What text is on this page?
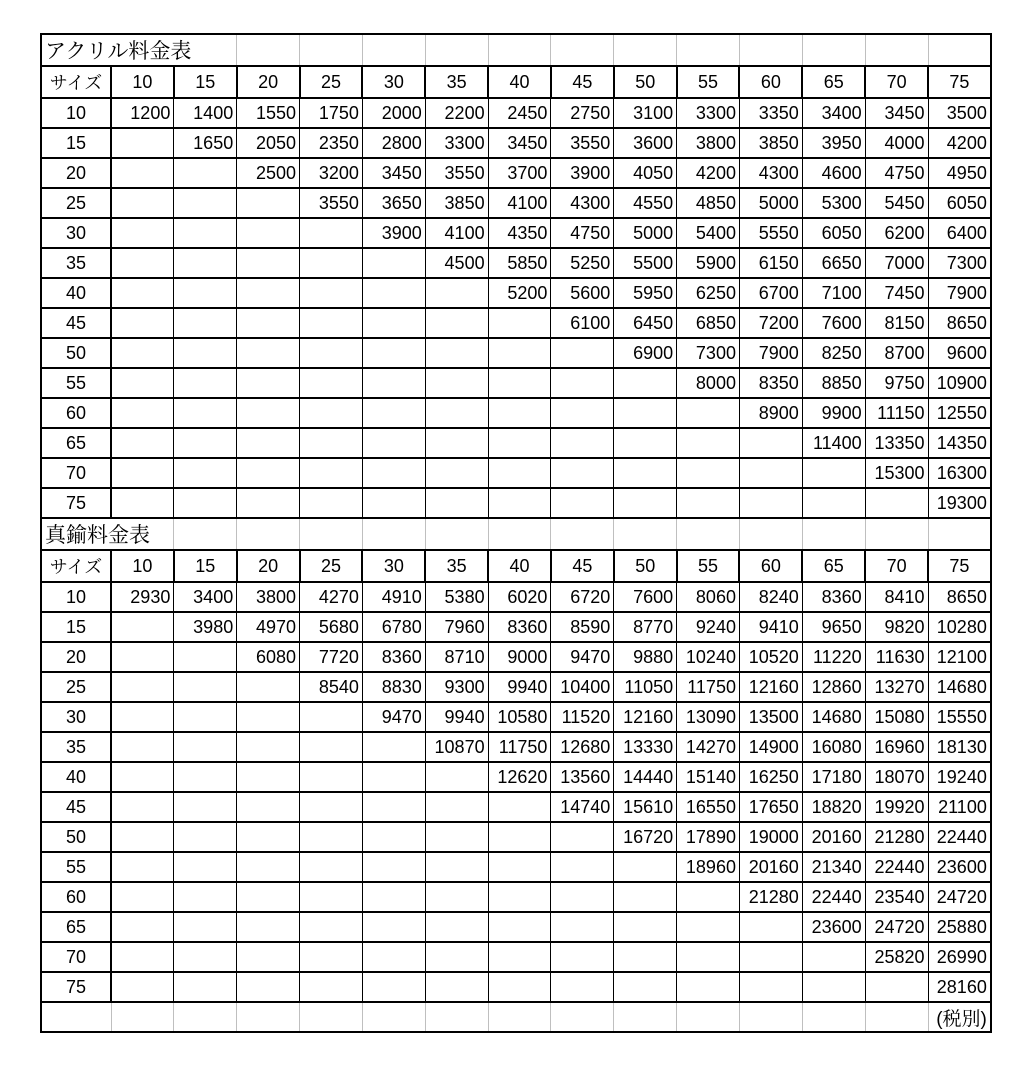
アクリル料金表														
サイズ	10	15	20	25	30	35	40	45	50	55	60	65	70	75
10	1200	1400	1550	1750	2000	2200	2450	2750	3100	3300	3350	3400	3450	3500
15		1650	2050	2350	2800	3300	3450	3550	3600	3800	3850	3950	4000	4200
20			2500	3200	3450	3550	3700	3900	4050	4200	4300	4600	4750	4950
25				3550	3650	3850	4100	4300	4550	4850	5000	5300	5450	6050
30					3900	4100	4350	4750	5000	5400	5550	6050	6200	6400
35						4500	5850	5250	5500	5900	6150	6650	7000	7300
40							5200	5600	5950	6250	6700	7100	7450	7900
45								6100	6450	6850	7200	7600	8150	8650
50									6900	7300	7900	8250	8700	9600
55										8000	8350	8850	9750	10900
60											8900	9900	11150	12550
65												11400	13350	14350
70													15300	16300
75														19300
真鍮料金表														
サイズ	10	15	20	25	30	35	40	45	50	55	60	65	70	75
10	2930	3400	3800	4270	4910	5380	6020	6720	7600	8060	8240	8360	8410	8650
15		3980	4970	5680	6780	7960	8360	8590	8770	9240	9410	9650	9820	10280
20			6080	7720	8360	8710	9000	9470	9880	10240	10520	11220	11630	12100
25				8540	8830	9300	9940	10400	11050	11750	12160	12860	13270	14680
30					9470	9940	10580	11520	12160	13090	13500	14680	15080	15550
35						10870	11750	12680	13330	14270	14900	16080	16960	18130
40							12620	13560	14440	15140	16250	17180	18070	19240
45								14740	15610	16550	17650	18820	19920	21100
50									16720	17890	19000	20160	21280	22440
55										18960	20160	21340	22440	23600
60											21280	22440	23540	24720
65												23600	24720	25880
70													25820	26990
75														28160
														(税別)
